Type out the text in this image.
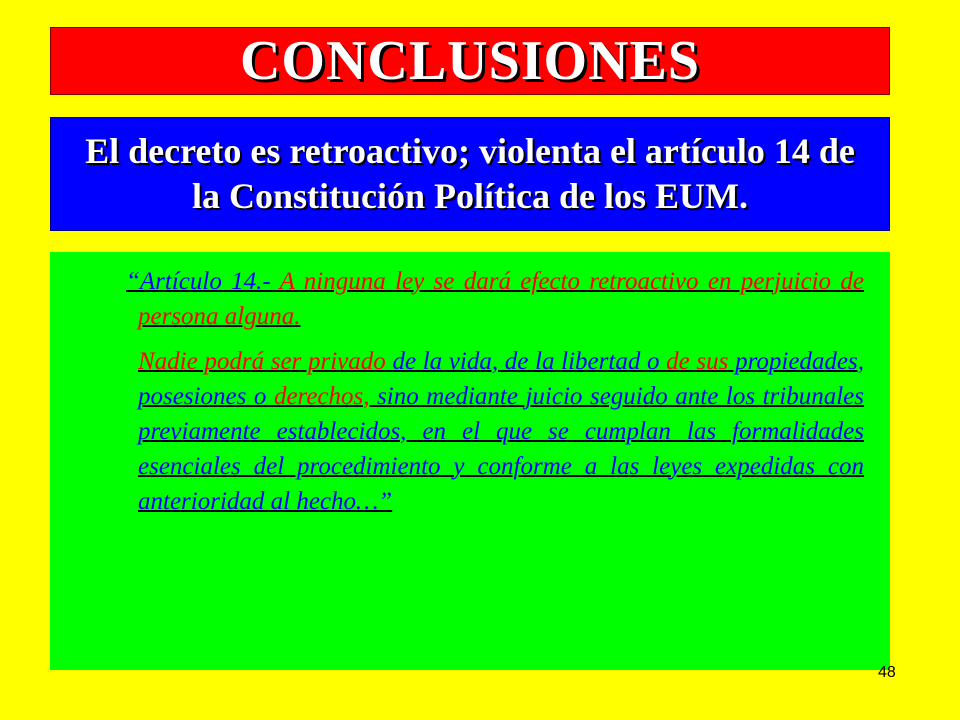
CONCLUSIONES
El decreto es retroactivo; violenta el artículo 14 de la Constitución Política de los EUM.

“Artículo 14.- A ninguna ley se dará efecto retroactivo en perjuicio de persona alguna.

Nadie podrá ser privado de la vida, de la libertad o de sus propiedades, posesiones o derechos, sino mediante juicio seguido ante los tribunales previamente establecidos, en el que se cumplan las formalidades esenciales del procedimiento y conforme a las leyes expedidas con anterioridad al hecho…”

48
